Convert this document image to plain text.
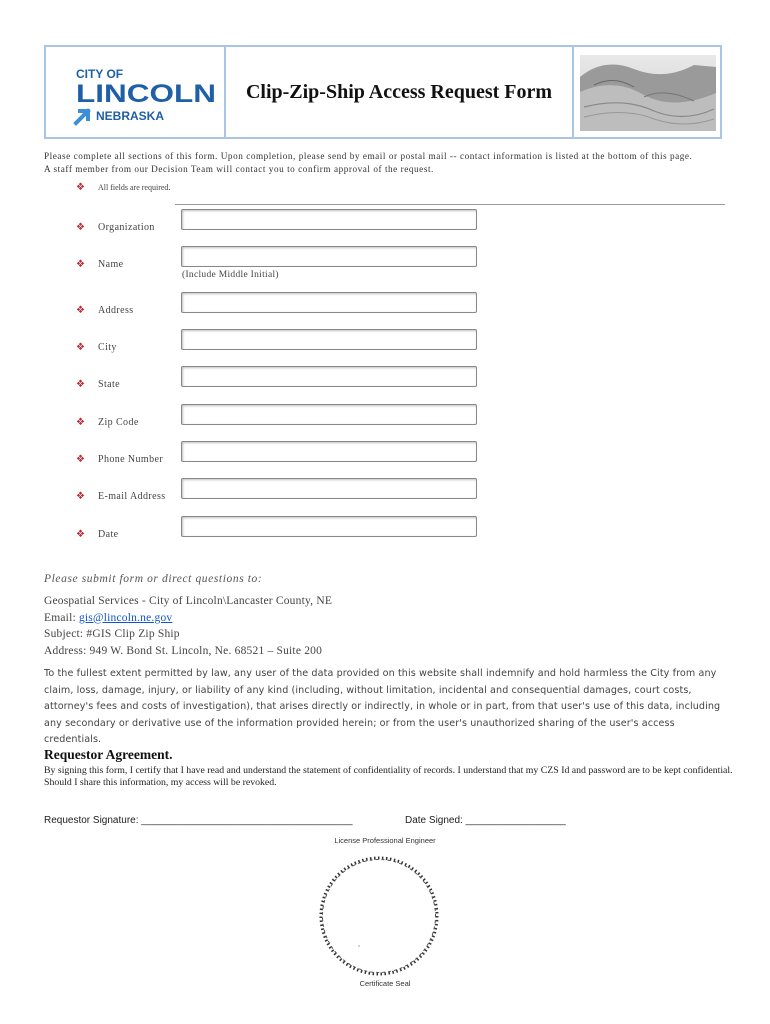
CITY OF
LINCOLN
NEBRASKA
Clip-Zip-Ship Access Request Form
Please complete all sections of this form. Upon completion, please send by email or postal mail -- contact information is listed at the bottom of this page.
A staff member from our Decision Team will contact you to confirm approval of the request.
❖	All fields are required.
❖	Organization
❖	Name
(Include Middle Initial)
❖	Address
❖	City
❖	State
❖	Zip Code
❖	Phone Number
❖	E-mail Address
❖	Date
Please submit form or direct questions to:
Geospatial Services - City of Lincoln\Lancaster County, NE
Email: gis@lincoln.ne.gov
Subject: #GIS Clip Zip Ship
Address: 949 W. Bond St. Lincoln, Ne. 68521 – Suite 200
To the fullest extent permitted by law, any user of the data provided on this website shall indemnify and hold harmless the City from any claim, loss, damage, injury, or liability of any kind (including, without limitation, incidental and consequential damages, court costs, attorney's fees and costs of investigation), that arises directly or indirectly, in whole or in part, from that user's use of this data, including any secondary or derivative use of the information provided herein; or from the user's unauthorized sharing of the user's access credentials.
Requestor Agreement.
By signing this form, I certify that I have read and understand the statement of confidentiality of records. I understand that my CZS Id and password are to be kept confidential. Should I share this information, my access will be revoked.
Requestor Signature: ______________________________________	Date Signed: __________________
License Professional Engineer
Certificate Seal
